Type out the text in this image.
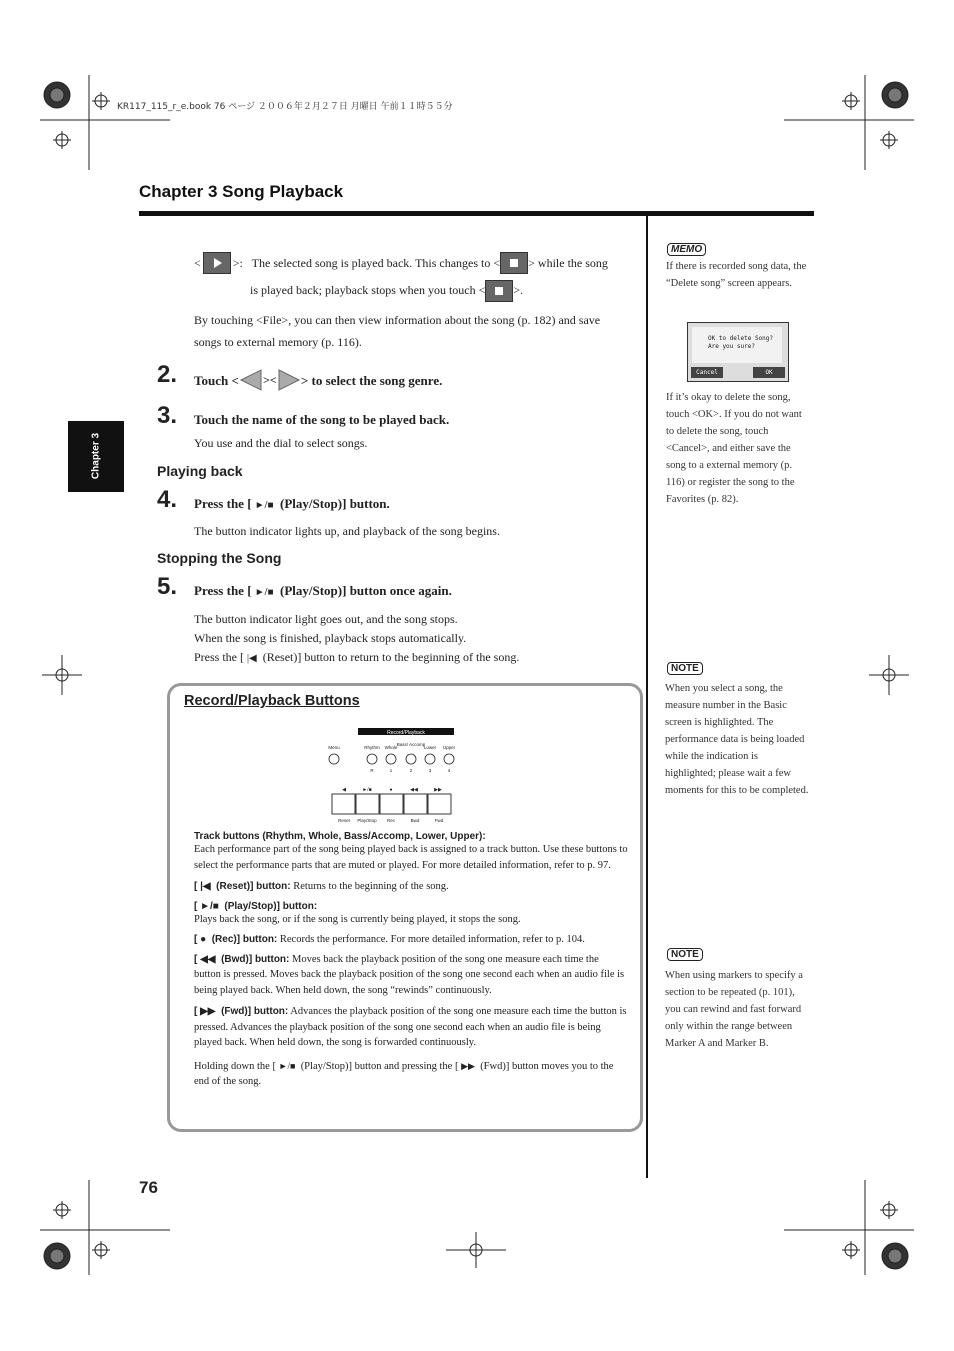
KR117_115_r_e.book 76 ページ ２００６年２月２７日 月曜日 午前１１時５５分
Chapter 3 Song Playback
Chapter 3
<	>:   The selected song is played back. This changes to < > while the song
is played back; playback stops when you touch < >.
By touching <File>, you can then view information about the song (p. 182) and save
songs to external memory (p. 116).
2. Touch < >< > to select the song genre.
3. Touch the name of the song to be played back.
You use and the dial to select songs.
Playing back
4. Press the [ ►/■ (Play/Stop)] button.
The button indicator lights up, and playback of the song begins.
Stopping the Song
5. Press the [ ►/■ (Play/Stop)] button once again.
The button indicator light goes out, and the song stops.
When the song is finished, playback stops automatically.
Press the [ |◀ (Reset)] button to return to the beginning of the song.
Record/Playback Buttons
Record/Playback
Menu	Rhythm Whole
Bass/ Accomp
Lower Upper
R	1	2	3	4
◀	►/■	●	◀◀	▶▶
Reset Play/Stop Rec	Bwd	Fwd
Track buttons (Rhythm, Whole, Bass/Accomp, Lower, Upper):
Each performance part of the song being played back is assigned to a track button. Use these buttons to select the performance parts that are muted or played. For more detailed information, refer to p. 97.
[ |◀ (Reset)] button: Returns to the beginning of the song.
[ ►/■ (Play/Stop)] button:
Plays back the song, or if the song is currently being played, it stops the song.
[ ● (Rec)] button: Records the performance. For more detailed information, refer to p. 104.
[ ◀◀ (Bwd)] button: Moves back the playback position of the song one measure each time the button is pressed. Moves back the playback position of the song one second each when an audio file is being played back. When held down, the song “rewinds” continuously.
[ ▶▶ (Fwd)] button: Advances the playback position of the song one measure each time the button is pressed. Advances the playback position of the song one second each when an audio file is being played back. When held down, the song is forwarded continuously.
Holding down the [ ►/■ (Play/Stop)] button and pressing the [ ▶▶ (Fwd)] button moves you to the end of the song.
MEMO
If there is recorded song data, the “Delete song” screen appears.
OK to delete Song?
Are you sure?
Cancel	OK
If it’s okay to delete the song, touch <OK>. If you do not want to delete the song, touch <Cancel>, and either save the song to a external memory (p. 116) or register the song to the Favorites (p. 82).
NOTE
When you select a song, the measure number in the Basic screen is highlighted. The performance data is being loaded while the indication is highlighted; please wait a few moments for this to be completed.
NOTE
When using markers to specify a section to be repeated (p. 101), you can rewind and fast forward only within the range between Marker A and Marker B.
76
